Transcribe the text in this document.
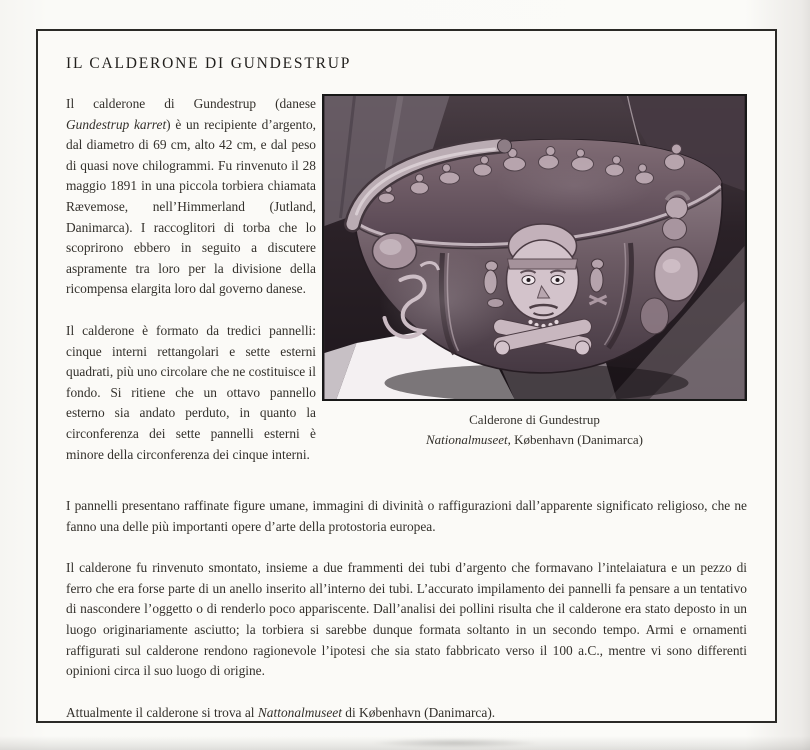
IL CALDERONE DI GUNDESTRUP

Il calderone di Gundestrup (danese Gundestrup karret) è un recipiente d’argento, dal diametro di 69 cm, alto 42 cm, e dal peso di quasi nove chilogrammi. Fu rinvenuto il 28 maggio 1891 in una piccola torbiera chiamata Rævemose, nell’Himmerland (Jutland, Danimarca). I raccoglitori di torba che lo scoprirono ebbero in seguito a discutere aspramente tra loro per la divisione della ricompensa elargita loro dal governo danese.

Il calderone è formato da tredici pannelli: cinque interni rettangolari e sette esterni quadrati, più uno circolare che ne costituisce il fondo. Si ritiene che un ottavo pannello esterno sia andato perduto, in quanto la circonferenza dei sette pannelli esterni è minore della circonferenza dei cinque interni.

Calderone di Gundestrup
Nationalmuseet, København (Danimarca)

I pannelli presentano raffinate figure umane, immagini di divinità o raffigurazioni dall’apparente significato religioso, che ne fanno una delle più importanti opere d’arte della protostoria europea.

Il calderone fu rinvenuto smontato, insieme a due frammenti dei tubi d’argento che formavano l’intelaiatura e un pezzo di ferro che era forse parte di un anello inserito all’interno dei tubi. L’accurato impilamento dei pannelli fa pensare a un tentativo di nascondere l’oggetto o di renderlo poco appariscente. Dall’analisi dei pollini risulta che il calderone era stato deposto in un luogo originariamente asciutto; la torbiera si sarebbe dunque formata soltanto in un secondo tempo. Armi e ornamenti raffigurati sul calderone rendono ragionevole l’ipotesi che sia stato fabbricato verso il 100 a.C., mentre vi sono differenti opinioni circa il suo luogo di origine.

Attualmente il calderone si trova al Nattonalmuseet di København (Danimarca).
